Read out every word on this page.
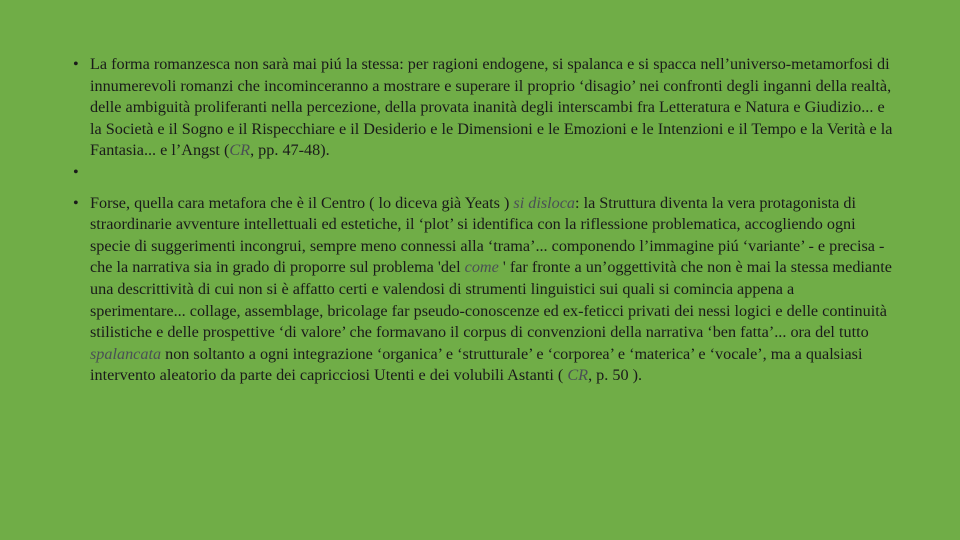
• La forma romanzesca non sarà mai piú la stessa: per ragioni endogene, si spalanca e si spacca nell’universo-metamorfosi di innumerevoli romanzi che incominceranno a mostrare e superare il proprio ‘disagio’ nei confronti degli inganni della realtà, delle ambiguità proliferanti nella percezione, della provata inanità degli interscambi fra Letteratura e Natura e Giudizio... e la Società e il Sogno e il Rispecchiare e il Desiderio e le Dimensioni e le Emozioni e le Intenzioni e il Tempo e la Verità e la Fantasia... e l’Angst (CR, pp. 47-48).
•
• Forse, quella cara metafora che è il Centro ( lo diceva già Yeats ) si disloca: la Struttura diventa la vera protagonista di straordinarie avventure intellettuali ed estetiche, il ‘plot’ si identifica con la riflessione problematica, accogliendo ogni specie di suggerimenti incongrui, sempre meno connessi alla ‘trama’... componendo l’immagine piú ‘variante’ - e precisa - che la narrativa sia in grado di proporre sul problema 'del come ' far fronte a un’oggettività che non è mai la stessa mediante una descrittività di cui non si è affatto certi e valendosi di strumenti linguistici sui quali si comincia appena a sperimentare... collage, assemblage, bricolage far pseudo-conoscenze ed ex-feticci privati dei nessi logici e delle continuità stilistiche e delle prospettive ‘di valore’ che formavano il corpus di convenzioni della narrativa ‘ben fatta’... ora del tutto spalancata non soltanto a ogni integrazione ‘organica’ e ‘strutturale’ e ‘corporea’ e ‘materica’ e ‘vocale’, ma a qualsiasi intervento aleatorio da parte dei capricciosi Utenti e dei volubili Astanti ( CR, p. 50 ).
